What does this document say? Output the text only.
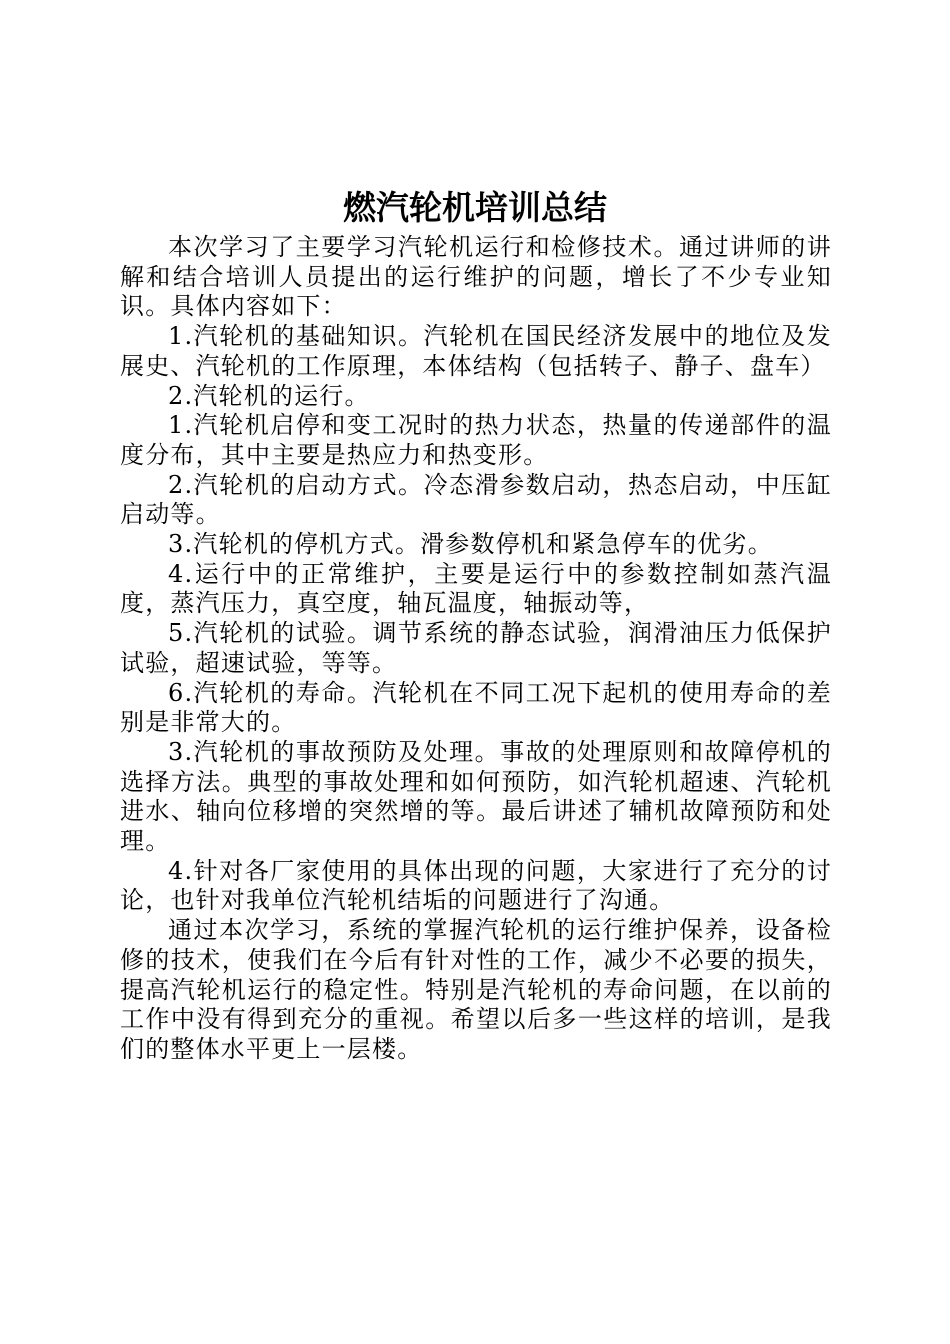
燃汽轮机培训总结

本次学习了主要学习汽轮机运行和检修技术。通过讲师的讲解和结合培训人员提出的运行维护的问题，增长了不少专业知识。具体内容如下：

1.汽轮机的基础知识。汽轮机在国民经济发展中的地位及发展史、汽轮机的工作原理，本体结构（包括转子、静子、盘车）

2.汽轮机的运行。

1.汽轮机启停和变工况时的热力状态，热量的传递部件的温度分布，其中主要是热应力和热变形。

2.汽轮机的启动方式。冷态滑参数启动，热态启动，中压缸启动等。

3.汽轮机的停机方式。滑参数停机和紧急停车的优劣。

4.运行中的正常维护，主要是运行中的参数控制如蒸汽温度，蒸汽压力，真空度，轴瓦温度，轴振动等，

5.汽轮机的试验。调节系统的静态试验，润滑油压力低保护试验，超速试验，等等。

6.汽轮机的寿命。汽轮机在不同工况下起机的使用寿命的差别是非常大的。

3.汽轮机的事故预防及处理。事故的处理原则和故障停机的选择方法。典型的事故处理和如何预防，如汽轮机超速、汽轮机进水、轴向位移增的突然增的等。最后讲述了辅机故障预防和处理。

4.针对各厂家使用的具体出现的问题，大家进行了充分的讨论，也针对我单位汽轮机结垢的问题进行了沟通。

通过本次学习，系统的掌握汽轮机的运行维护保养，设备检修的技术，使我们在今后有针对性的工作，减少不必要的损失，提高汽轮机运行的稳定性。特别是汽轮机的寿命问题，在以前的工作中没有得到充分的重视。希望以后多一些这样的培训，是我们的整体水平更上一层楼。
